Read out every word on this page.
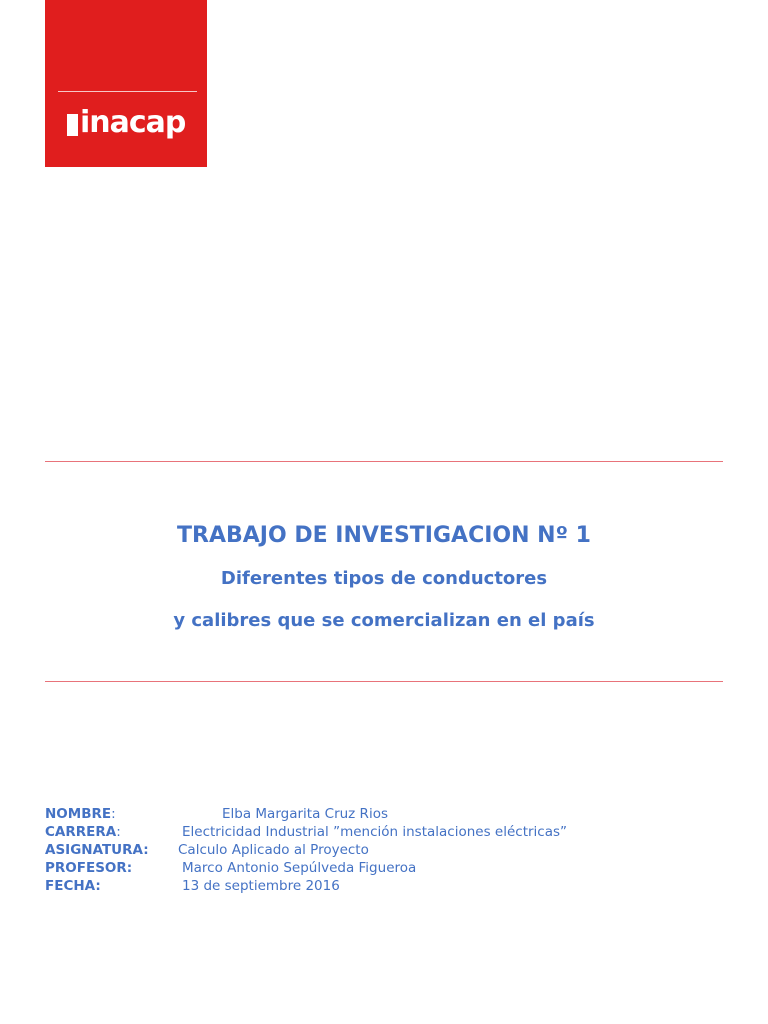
inacap
TRABAJO DE INVESTIGACION Nº 1
Diferentes tipos de conductores
y calibres que se comercializan en el país
NOMBRE:	Elba Margarita Cruz Rios
CARRERA:	Electricidad Industrial ”mención instalaciones eléctricas”
ASIGNATURA: Calculo Aplicado al Proyecto
PROFESOR:	Marco Antonio Sepúlveda Figueroa
FECHA:	13 de septiembre 2016
